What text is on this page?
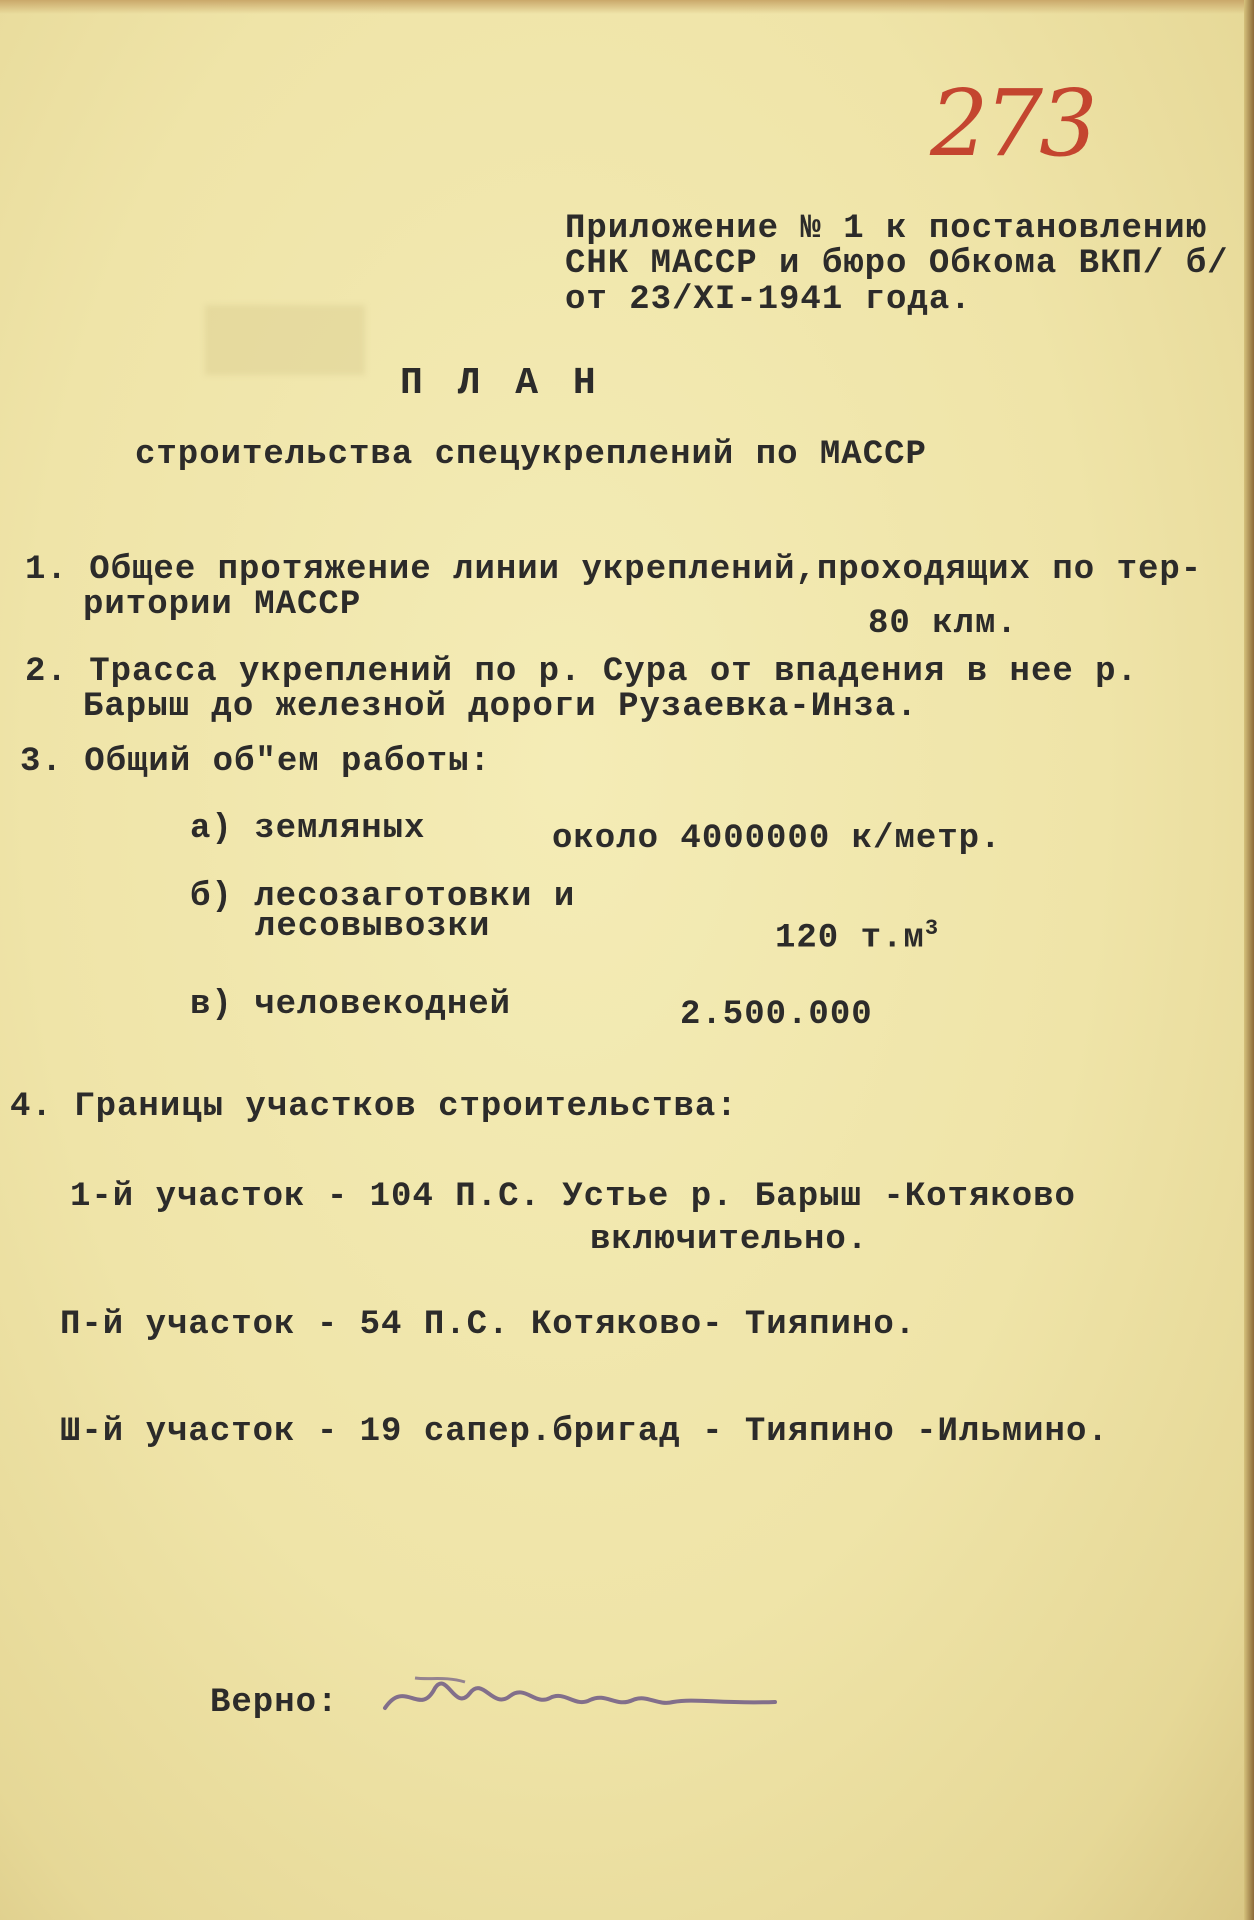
273
Приложение № 1 к постановлению
СНК МАССР и бюро Обкома ВКП/ б/
от 23/XI-1941 года.
П Л А Н
строительства спецукреплений по МАССР
1. Общее протяжение линии укреплений,проходящих по тер-
ритории МАССР	80 клм.
2. Трасса укреплений по р. Сура от впадения в нее р.
Барыш до железной дороги Рузаевка-Инза.
3. Общий об"ем работы:
а) земляных	около 4000000 к/метр.
б) лесозаготовки и
лесовывозки	120 $т.м^3$
в) человекодней	2.500.000
4. Границы участков строительства:
1-й участок - 104 П.С. Устье р. Барыш -Котяково
включительно.
П-й участок - 54 П.С. Котяково- Тияпино.
Ш-й участок - 19 сапер.бригад - Тияпино -Ильмино.
Верно:
